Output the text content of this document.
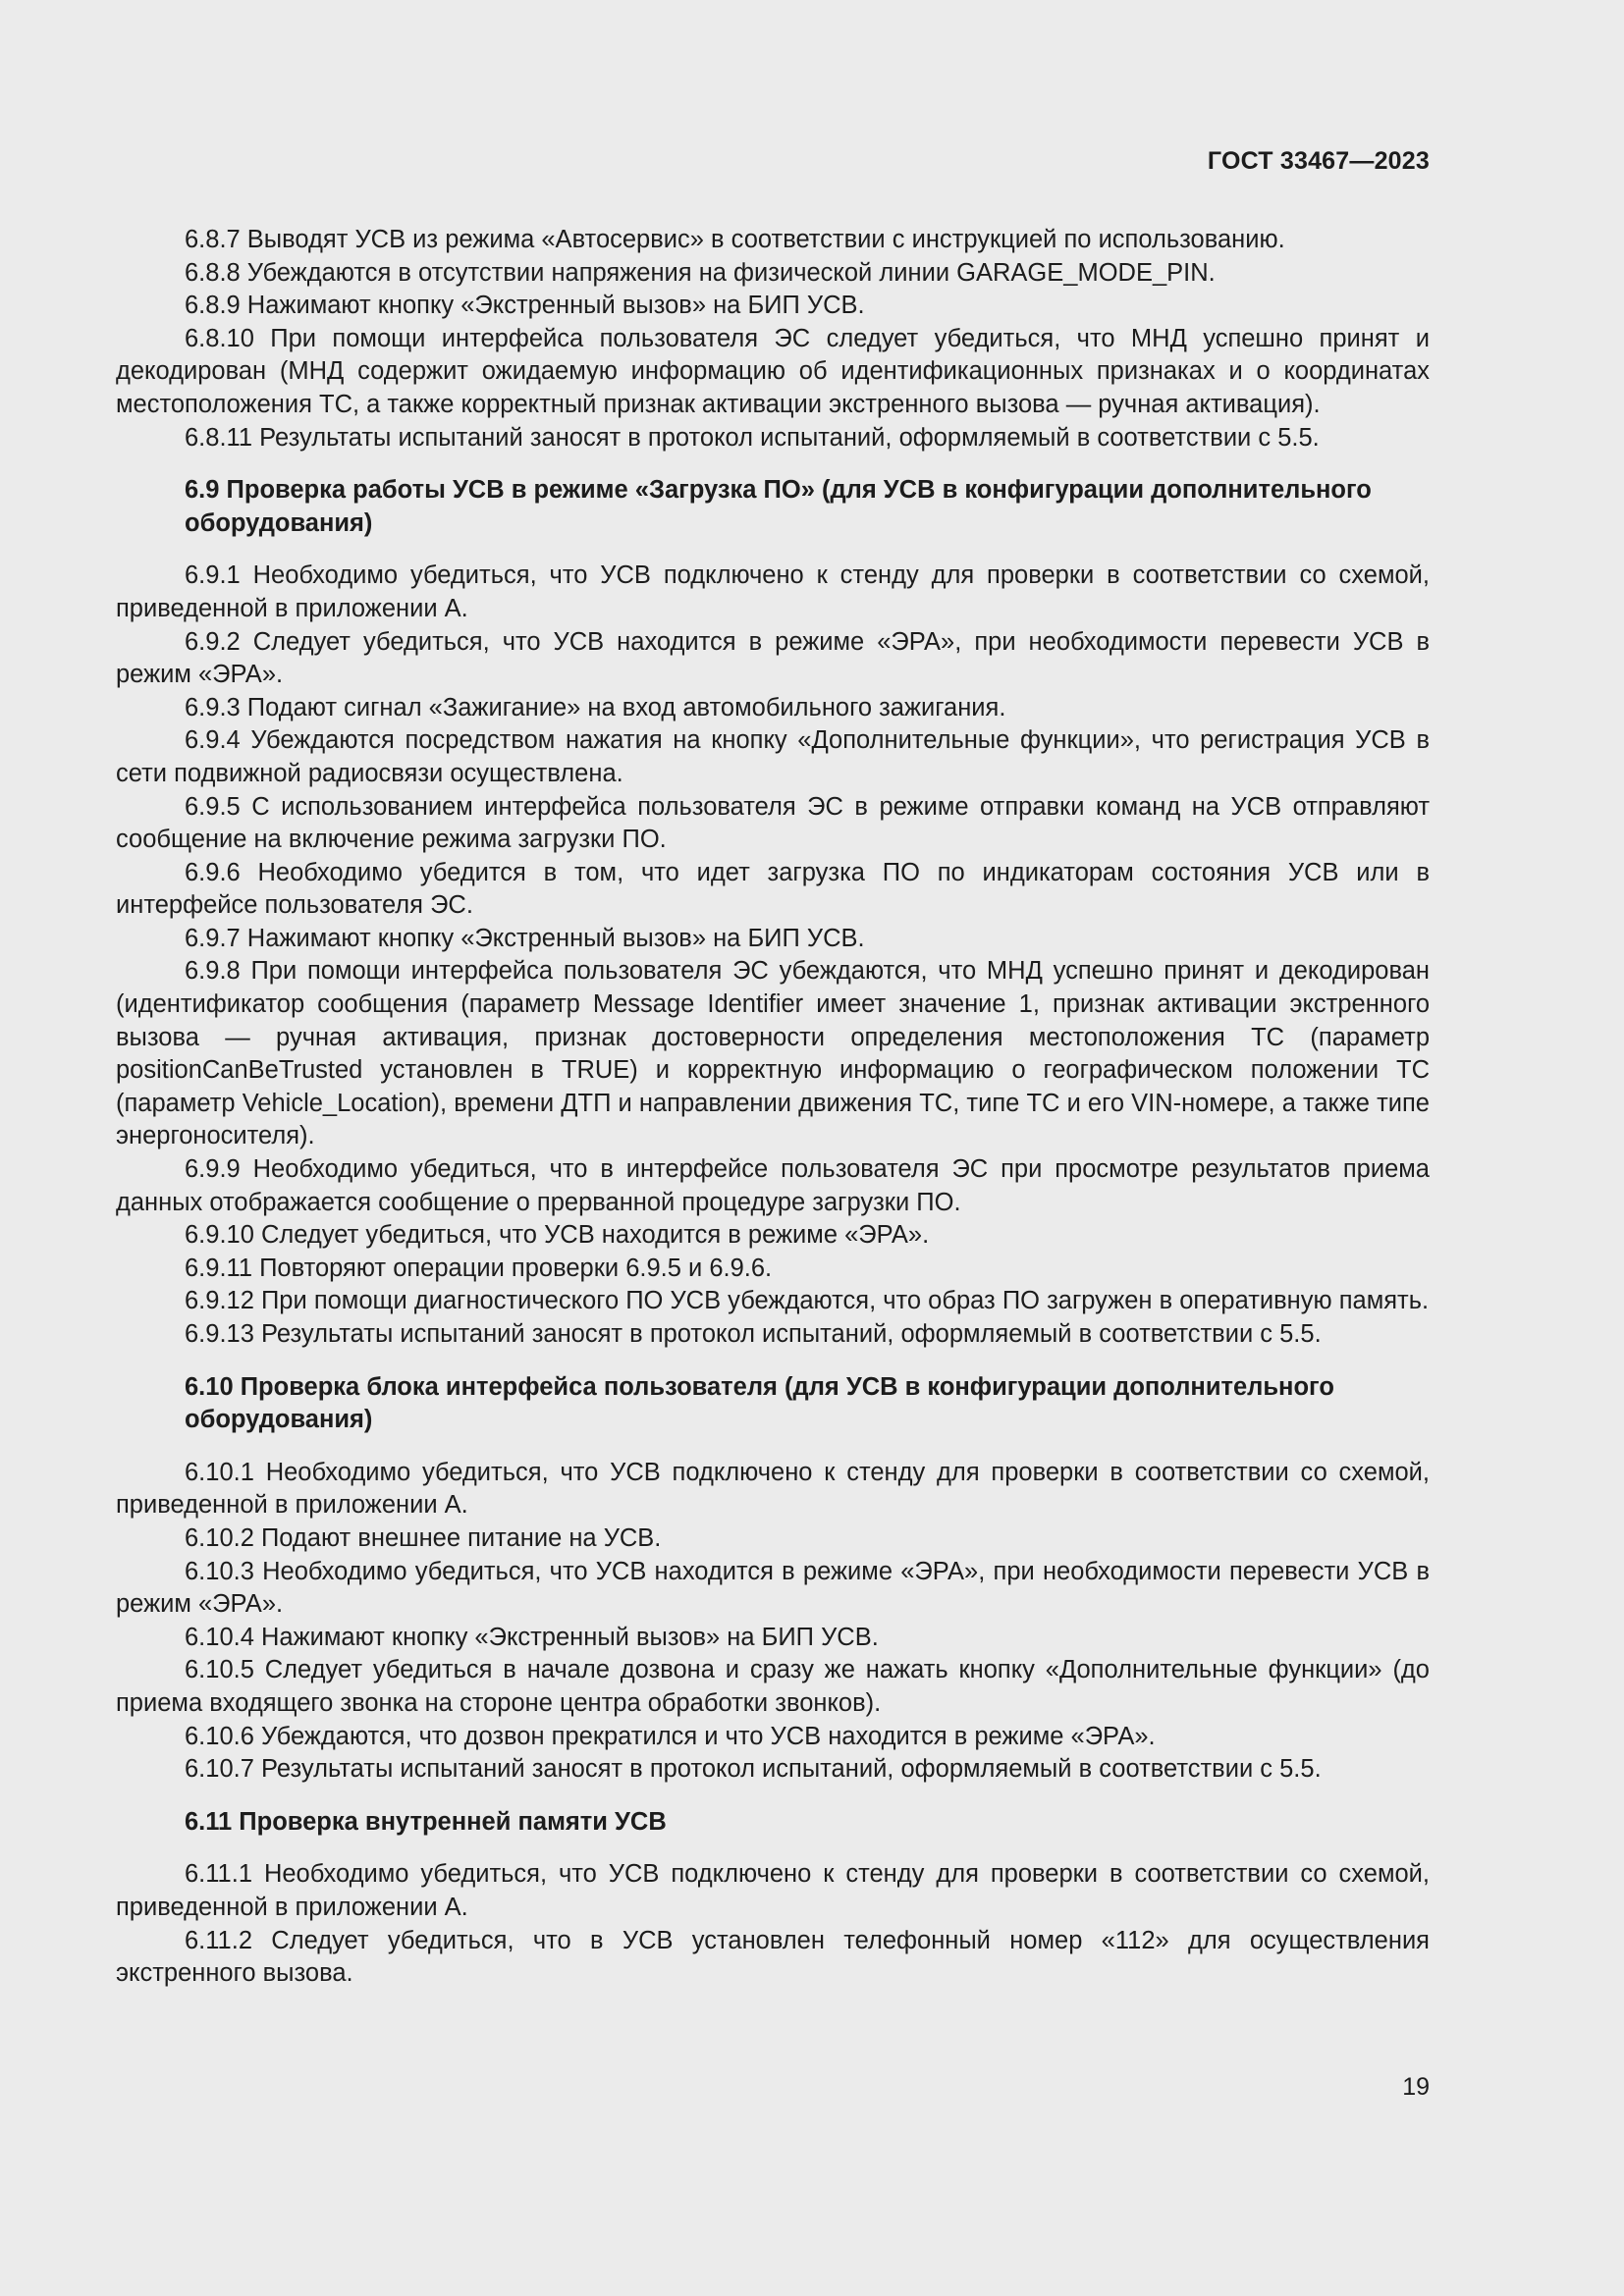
ГОСТ 33467—2023

6.8.7 Выводят УСВ из режима «Автосервис» в соответствии с инструкцией по использованию.

6.8.8 Убеждаются в отсутствии напряжения на физической линии GARAGE_MODE_PIN.

6.8.9 Нажимают кнопку «Экстренный вызов» на БИП УСВ.

6.8.10 При помощи интерфейса пользователя ЭС следует убедиться, что МНД успешно принят и декодирован (МНД содержит ожидаемую информацию об идентификационных признаках и о координатах местоположения ТС, а также корректный признак активации экстренного вызова — ручная активация).

6.8.11 Результаты испытаний заносят в протокол испытаний, оформляемый в соответствии с 5.5.

6.9 Проверка работы УСВ в режиме «Загрузка ПО» (для УСВ в конфигурации дополнительного оборудования)

6.9.1 Необходимо убедиться, что УСВ подключено к стенду для проверки в соответствии со схемой, приведенной в приложении А.

6.9.2 Следует убедиться, что УСВ находится в режиме «ЭРА», при необходимости перевести УСВ в режим «ЭРА».

6.9.3 Подают сигнал «Зажигание» на вход автомобильного зажигания.

6.9.4 Убеждаются посредством нажатия на кнопку «Дополнительные функции», что регистрация УСВ в сети подвижной радиосвязи осуществлена.

6.9.5 С использованием интерфейса пользователя ЭС в режиме отправки команд на УСВ отправляют сообщение на включение режима загрузки ПО.

6.9.6 Необходимо убедится в том, что идет загрузка ПО по индикаторам состояния УСВ или в интерфейсе пользователя ЭС.

6.9.7 Нажимают кнопку «Экстренный вызов» на БИП УСВ.

6.9.8 При помощи интерфейса пользователя ЭС убеждаются, что МНД успешно принят и декодирован (идентификатор сообщения (параметр Message Identifier имеет значение 1, признак активации экстренного вызова — ручная активация, признак достоверности определения местоположения ТС (параметр positionCanBeTrusted установлен в TRUE) и корректную информацию о географическом положении ТС (параметр Vehicle_Location), времени ДТП и направлении движения ТС, типе ТС и его VIN-номере, а также типе энергоносителя).

6.9.9 Необходимо убедиться, что в интерфейсе пользователя ЭС при просмотре результатов приема данных отображается сообщение о прерванной процедуре загрузки ПО.

6.9.10 Следует убедиться, что УСВ находится в режиме «ЭРА».

6.9.11 Повторяют операции проверки 6.9.5 и 6.9.6.

6.9.12 При помощи диагностического ПО УСВ убеждаются, что образ ПО загружен в оперативную память.

6.9.13 Результаты испытаний заносят в протокол испытаний, оформляемый в соответствии с 5.5.

6.10 Проверка блока интерфейса пользователя (для УСВ в конфигурации дополнительного оборудования)

6.10.1 Необходимо убедиться, что УСВ подключено к стенду для проверки в соответствии со схемой, приведенной в приложении А.

6.10.2 Подают внешнее питание на УСВ.

6.10.3 Необходимо убедиться, что УСВ находится в режиме «ЭРА», при необходимости перевести УСВ в режим «ЭРА».

6.10.4 Нажимают кнопку «Экстренный вызов» на БИП УСВ.

6.10.5 Следует убедиться в начале дозвона и сразу же нажать кнопку «Дополнительные функции» (до приема входящего звонка на стороне центра обработки звонков).

6.10.6 Убеждаются, что дозвон прекратился и что УСВ находится в режиме «ЭРА».

6.10.7 Результаты испытаний заносят в протокол испытаний, оформляемый в соответствии с 5.5.

6.11 Проверка внутренней памяти УСВ

6.11.1 Необходимо убедиться, что УСВ подключено к стенду для проверки в соответствии со схемой, приведенной в приложении А.

6.11.2 Следует убедиться, что в УСВ установлен телефонный номер «112» для осуществления экстренного вызова.

19
